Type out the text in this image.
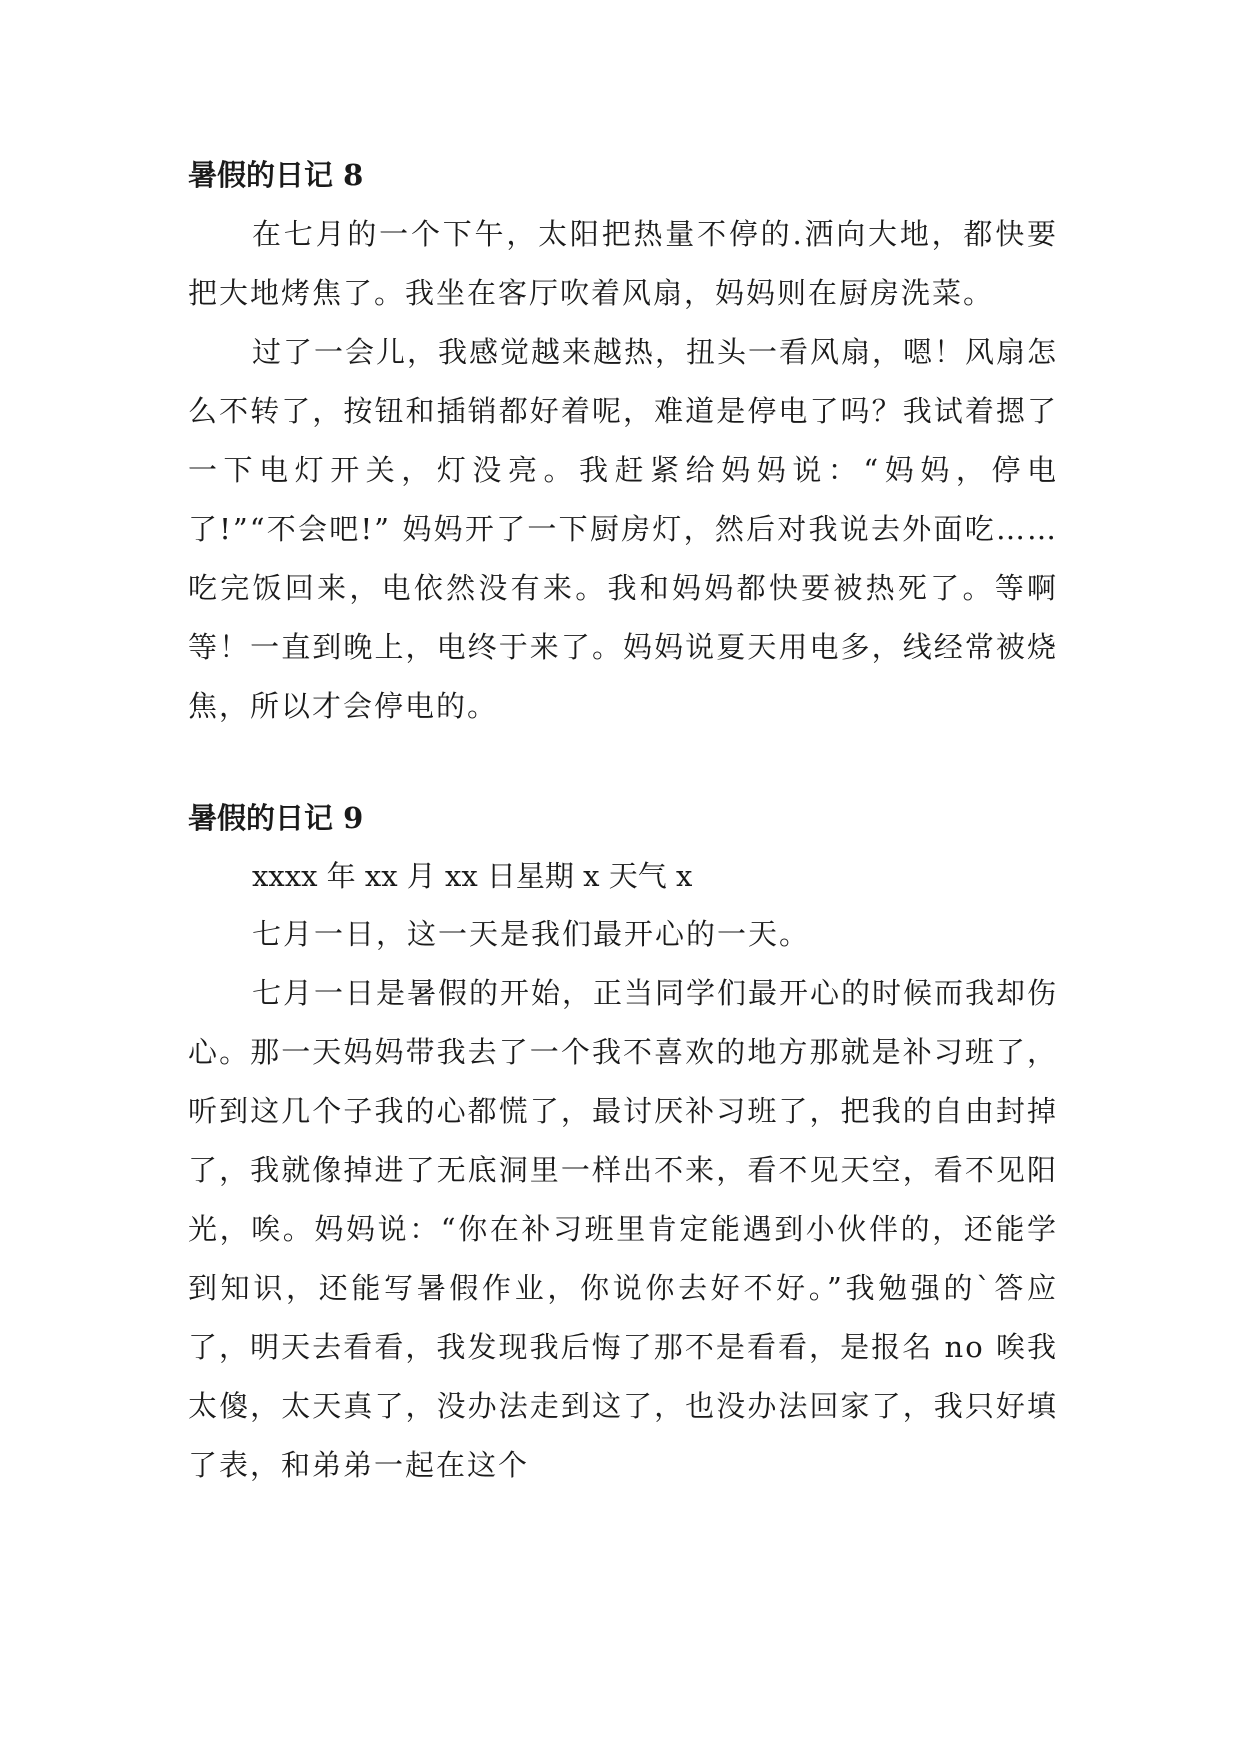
暑假的日记 8

在七月的一个下午，太阳把热量不停的.洒向大地，都快要把大地烤焦了。我坐在客厅吹着风扇，妈妈则在厨房洗菜。

过了一会儿，我感觉越来越热，扭头一看风扇，嗯！风扇怎么不转了，按钮和插销都好着呢，难道是停电了吗？我试着摁了一下电灯开关，灯没亮。我赶紧给妈妈说：“妈妈，停电了!”“不会吧!” 妈妈开了一下厨房灯，然后对我说去外面吃……吃完饭回来，电依然没有来。我和妈妈都快要被热死了。等啊等！一直到晚上，电终于来了。妈妈说夏天用电多，线经常被烧焦，所以才会停电的。

暑假的日记 9

xxxx 年 xx 月 xx 日星期 x 天气 x

七月一日，这一天是我们最开心的一天。

七月一日是暑假的开始，正当同学们最开心的时候而我却伤心。那一天妈妈带我去了一个我不喜欢的地方那就是补习班了，听到这几个子我的心都慌了，最讨厌补习班了，把我的自由封掉了，我就像掉进了无底洞里一样出不来，看不见天空，看不见阳光，唉。妈妈说：“你在补习班里肯定能遇到小伙伴的，还能学到知识，还能写暑假作业，你说你去好不好。”我勉强的`答应了，明天去看看，我发现我后悔了那不是看看，是报名 no 唉我太傻，太天真了，没办法走到这了，也没办法回家了，我只好填了表，和弟弟一起在这个
